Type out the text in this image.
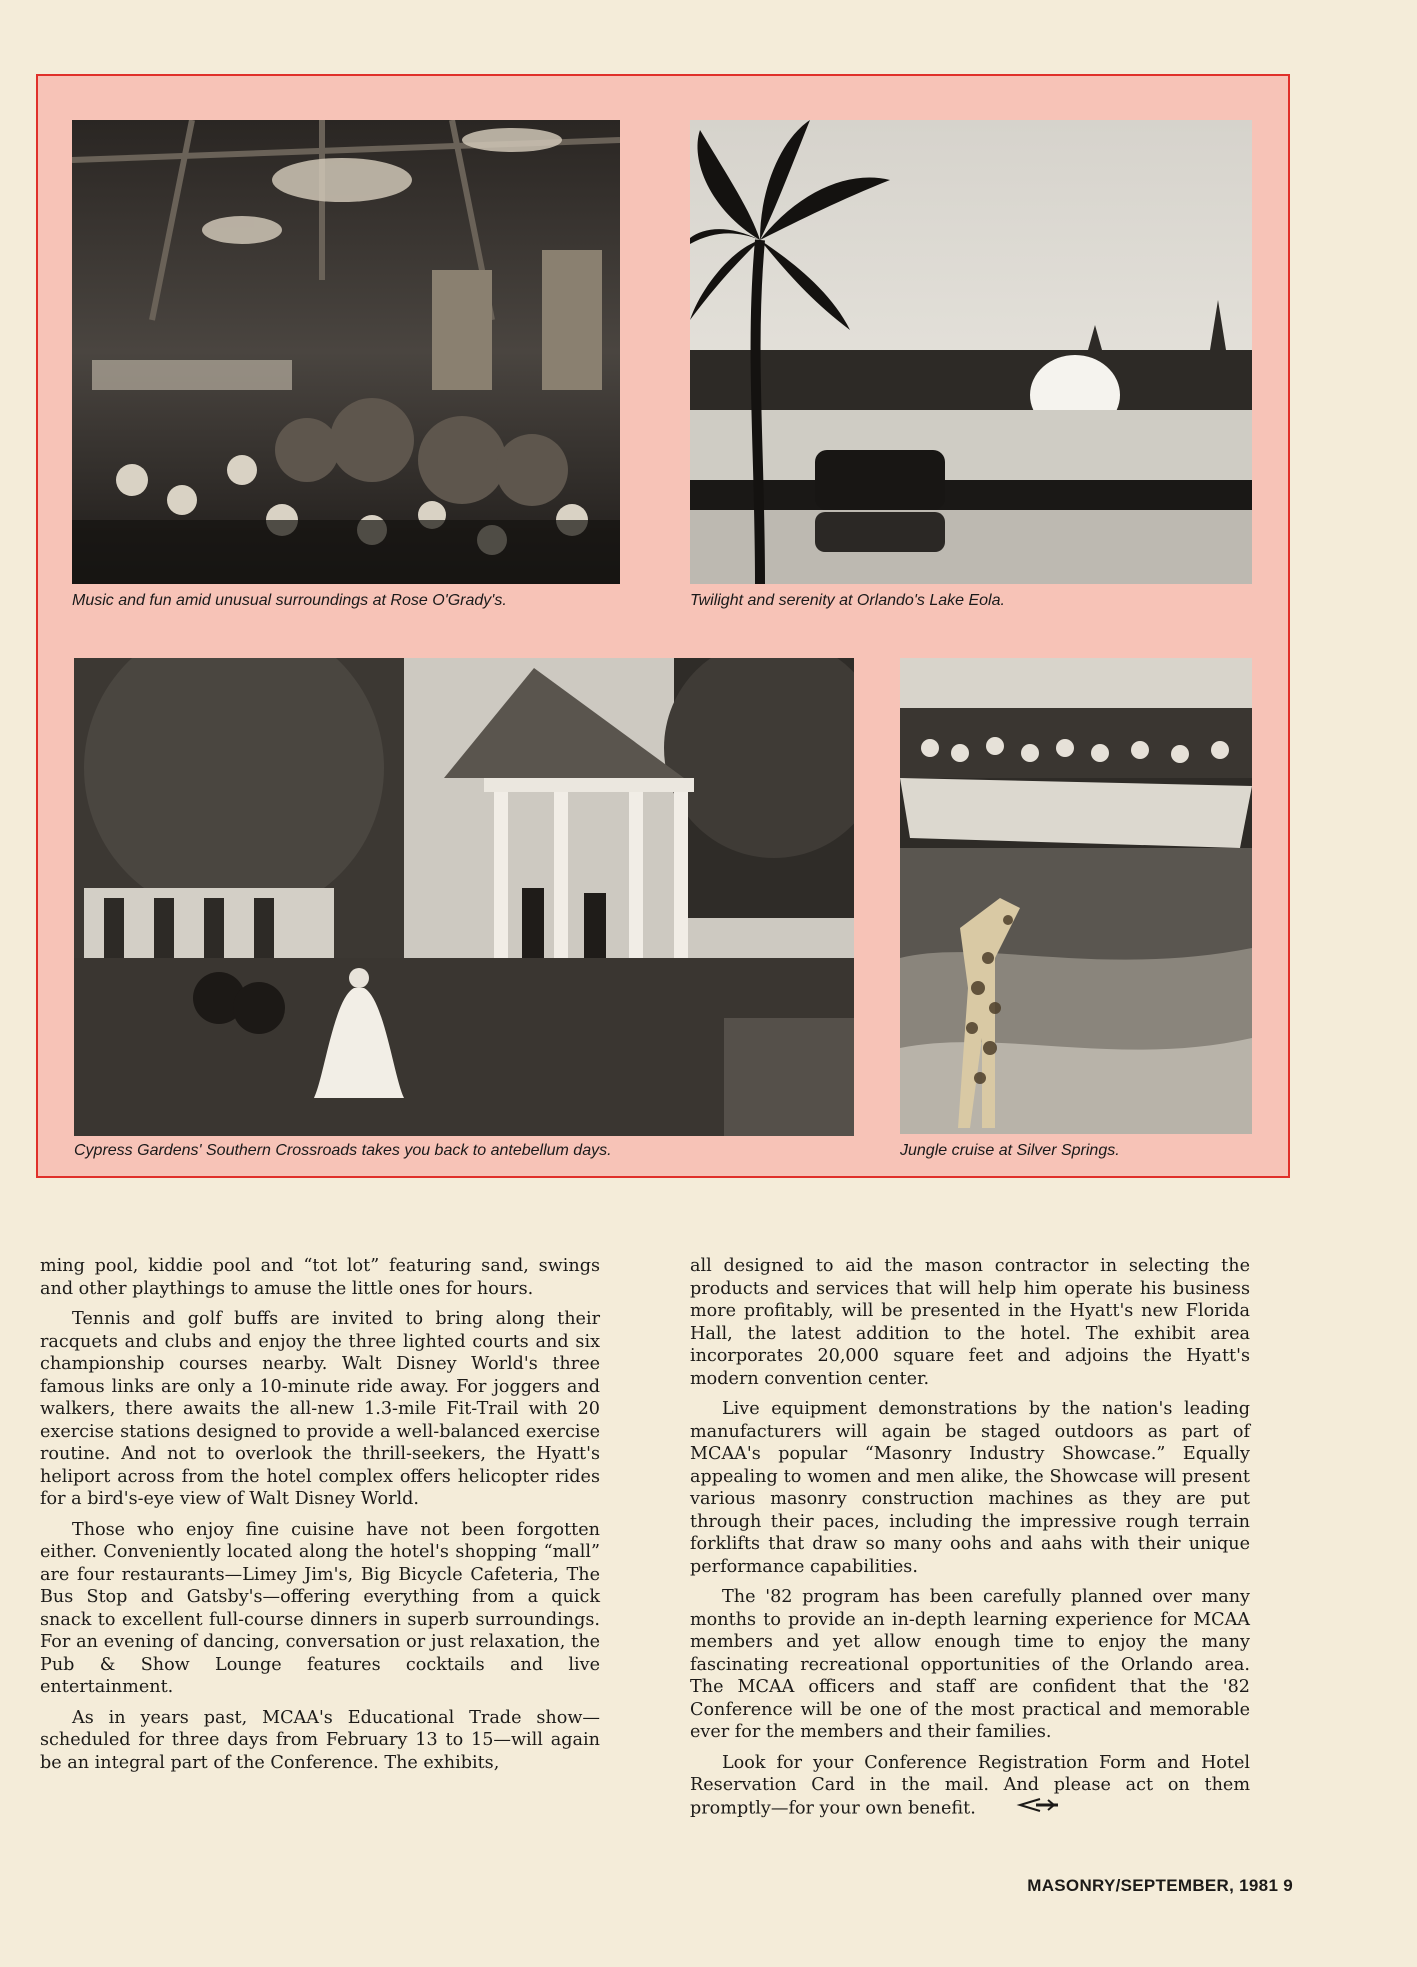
Music and fun amid unusual surroundings at Rose O'Grady's.	Twilight and serenity at Orlando's Lake Eola.
Cypress Gardens' Southern Crossroads takes you back to antebellum days.	Jungle cruise at Silver Springs.

ming pool, kiddie pool and “tot lot” featuring sand, swings and other playthings to amuse the little ones for hours.

Tennis and golf buffs are invited to bring along their racquets and clubs and enjoy the three lighted courts and six championship courses nearby. Walt Disney World's three famous links are only a 10-minute ride away. For joggers and walkers, there awaits the all-new 1.3-mile Fit-Trail with 20 exercise stations designed to provide a well-balanced exercise routine. And not to overlook the thrill-seekers, the Hyatt's heliport across from the hotel complex offers helicopter rides for a bird's-eye view of Walt Disney World.

Those who enjoy fine cuisine have not been forgotten either. Conveniently located along the hotel's shopping “mall” are four restaurants—Limey Jim's, Big Bicycle Cafeteria, The Bus Stop and Gatsby's—offering everything from a quick snack to excellent full-course dinners in superb surroundings. For an evening of dancing, conversation or just relaxation, the Pub & Show Lounge features cocktails and live entertainment.

As in years past, MCAA's Educational Trade show—scheduled for three days from February 13 to 15—will again be an integral part of the Conference. The exhibits,

all designed to aid the mason contractor in selecting the products and services that will help him operate his business more profitably, will be presented in the Hyatt's new Florida Hall, the latest addition to the hotel. The exhibit area incorporates 20,000 square feet and adjoins the Hyatt's modern convention center.

Live equipment demonstrations by the nation's leading manufacturers will again be staged outdoors as part of MCAA's popular “Masonry Industry Showcase.” Equally appealing to women and men alike, the Showcase will present various masonry construction machines as they are put through their paces, including the impressive rough terrain forklifts that draw so many oohs and aahs with their unique performance capabilities.

The '82 program has been carefully planned over many months to provide an in-depth learning experience for MCAA members and yet allow enough time to enjoy the many fascinating recreational opportunities of the Orlando area. The MCAA officers and staff are confident that the '82 Conference will be one of the most practical and memorable ever for the members and their families.

Look for your Conference Registration Form and Hotel Reservation Card in the mail. And please act on them promptly—for your own benefit.

MASONRY/SEPTEMBER, 1981 9
